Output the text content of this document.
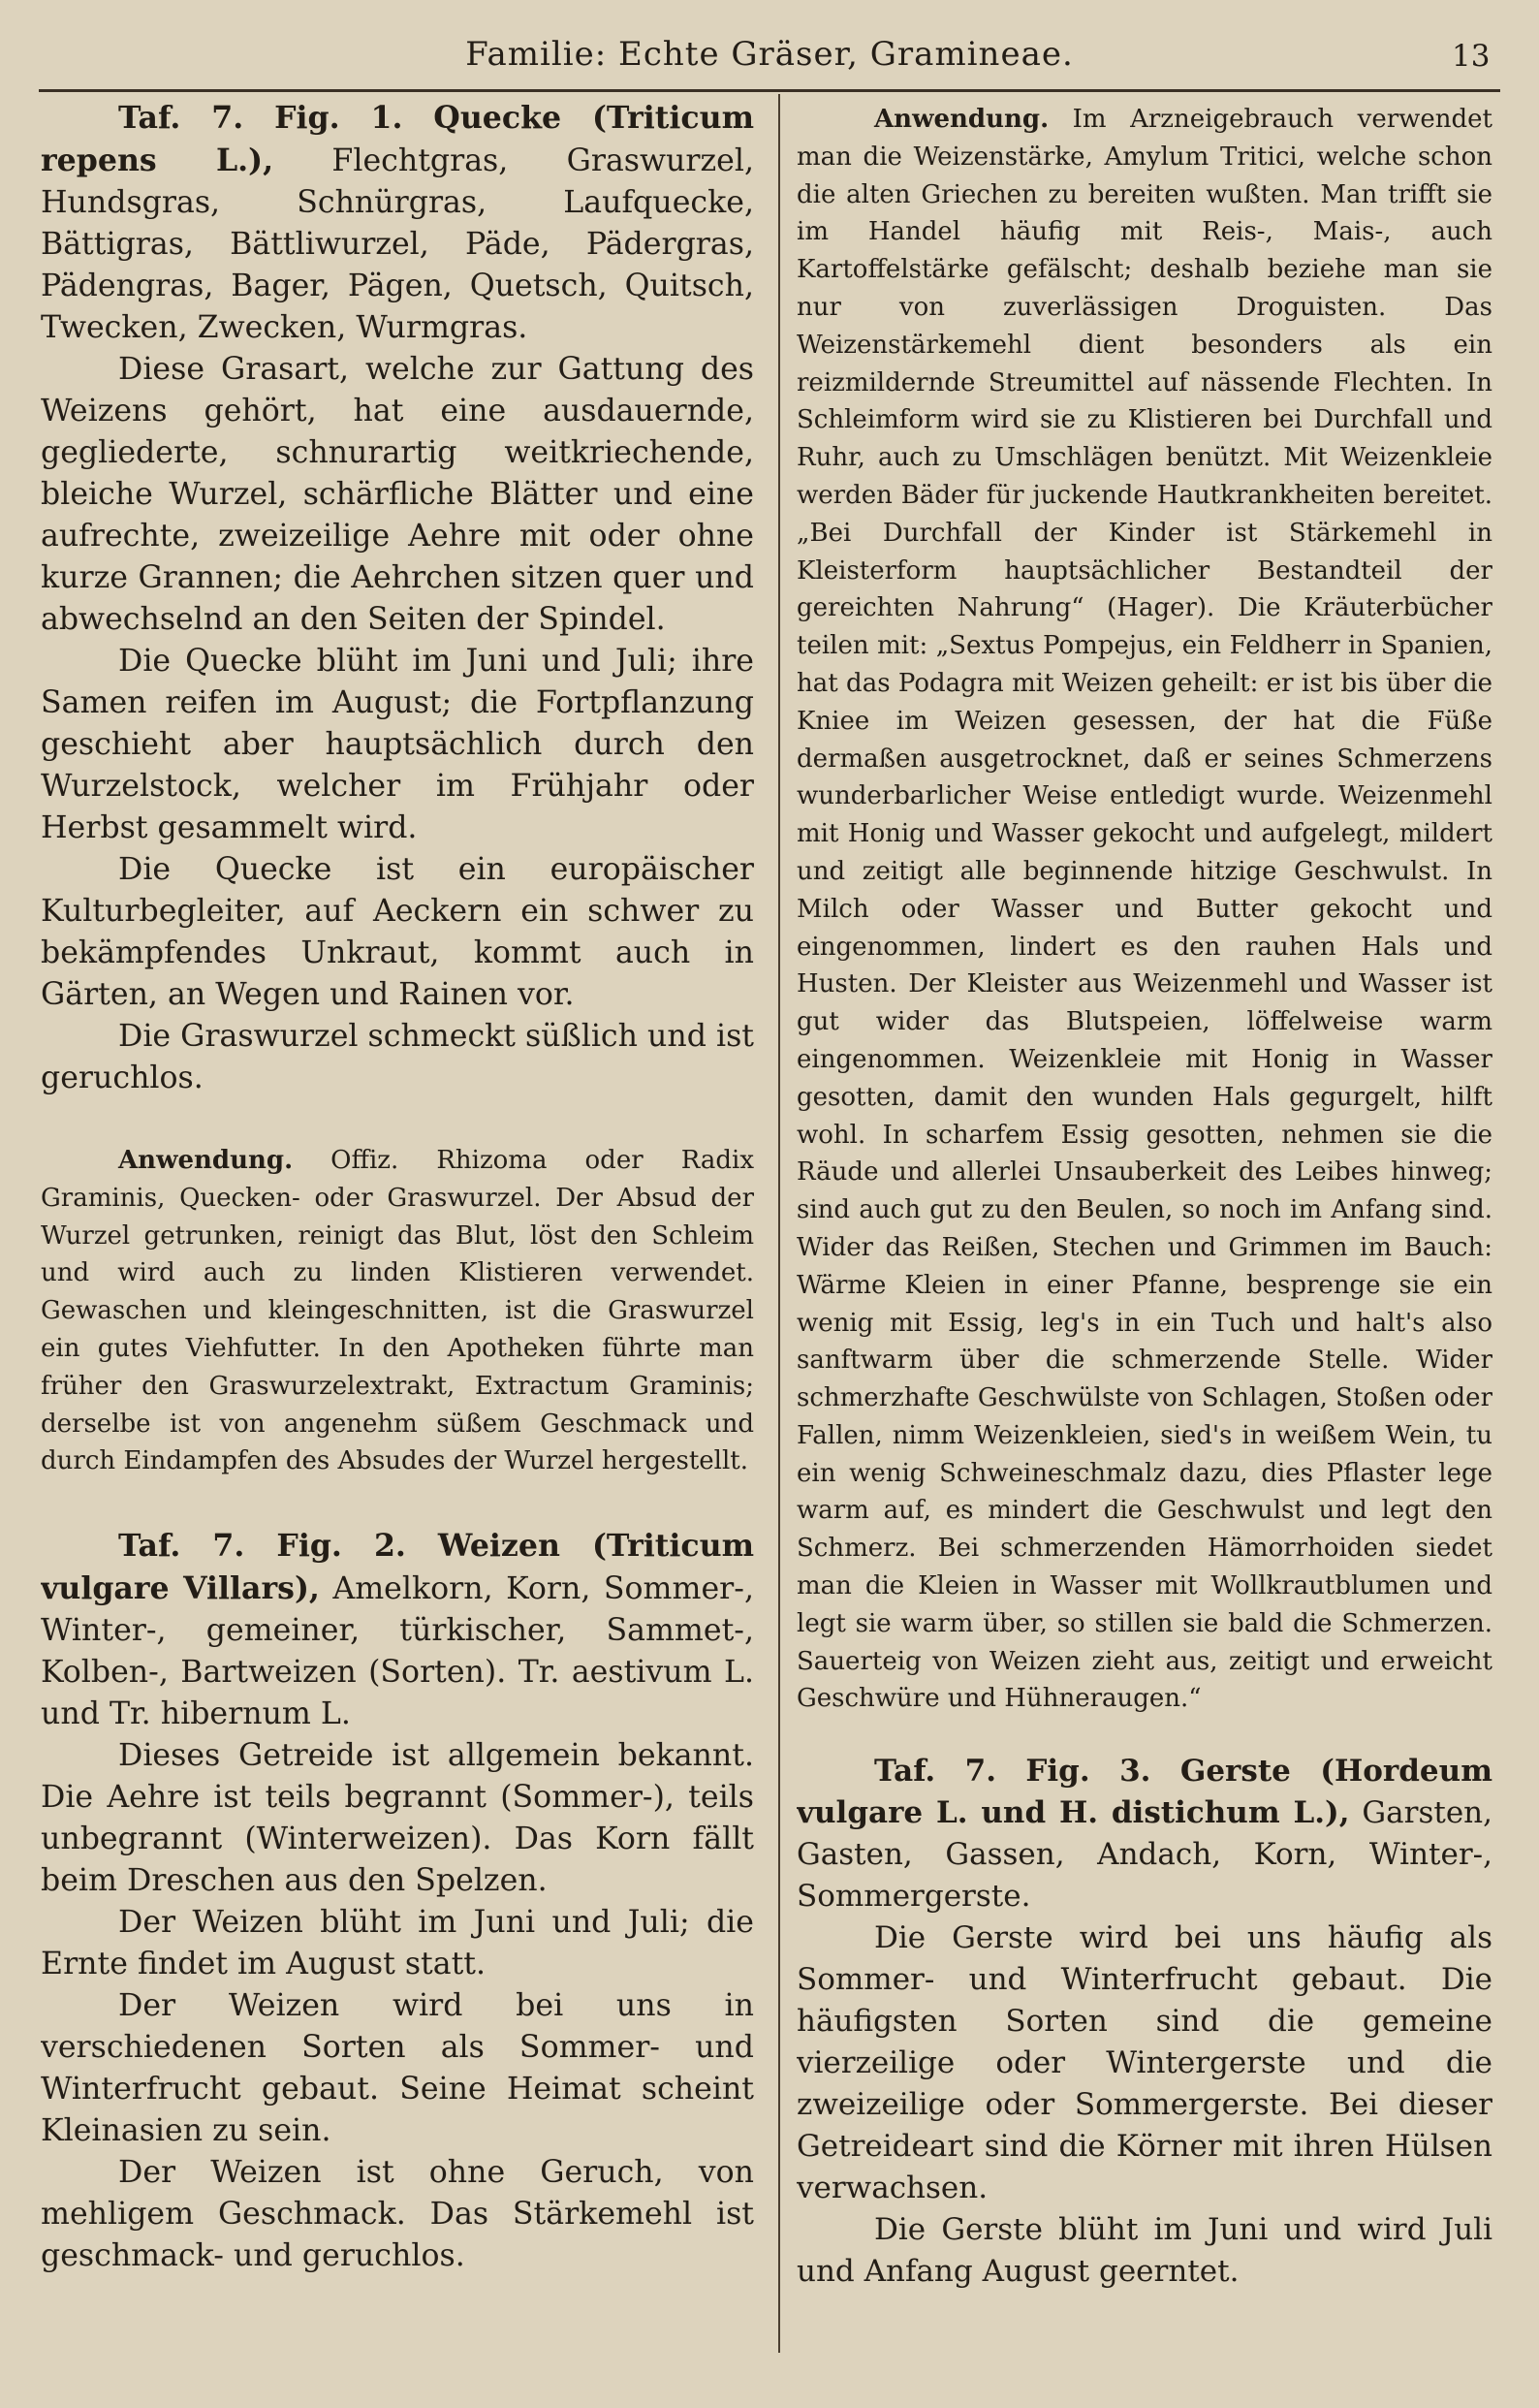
Familie: Echte Gräser, Gramineae.	13

Taf. 7. Fig. 1. Quecke (Triticum repens L.), Flechtgras, Graswurzel, Hundsgras, Schnürgras, Laufquecke, Bättigras, Bättliwurzel, Päde, Pädergras, Pädengras, Bager, Pägen, Quetsch, Quitsch, Twecken, Zwecken, Wurmgras.

Diese Grasart, welche zur Gattung des Weizens gehört, hat eine ausdauernde, gegliederte, schnurartig weitkriechende, bleiche Wurzel, schärfliche Blätter und eine aufrechte, zweizeilige Aehre mit oder ohne kurze Grannen; die Aehrchen sitzen quer und abwechselnd an den Seiten der Spindel.

Die Quecke blüht im Juni und Juli; ihre Samen reifen im August; die Fortpflanzung geschieht aber hauptsächlich durch den Wurzelstock, welcher im Frühjahr oder Herbst gesammelt wird.

Die Quecke ist ein europäischer Kulturbegleiter, auf Aeckern ein schwer zu bekämpfendes Unkraut, kommt auch in Gärten, an Wegen und Rainen vor.

Die Graswurzel schmeckt süßlich und ist geruchlos.

Anwendung. Offiz. Rhizoma oder Radix Graminis, Quecken- oder Graswurzel. Der Absud der Wurzel getrunken, reinigt das Blut, löst den Schleim und wird auch zu linden Klistieren verwendet. Gewaschen und kleingeschnitten, ist die Graswurzel ein gutes Viehfutter. In den Apotheken führte man früher den Graswurzelextrakt, Extractum Graminis; derselbe ist von angenehm süßem Geschmack und durch Eindampfen des Absudes der Wurzel hergestellt.

Taf. 7. Fig. 2. Weizen (Triticum vulgare Villars), Amelkorn, Korn, Sommer-, Winter-, gemeiner, türkischer, Sammet-, Kolben-, Bartweizen (Sorten). Tr. aestivum L. und Tr. hibernum L.

Dieses Getreide ist allgemein bekannt. Die Aehre ist teils begrannt (Sommer-), teils unbegrannt (Winterweizen). Das Korn fällt beim Dreschen aus den Spelzen.

Der Weizen blüht im Juni und Juli; die Ernte findet im August statt.

Der Weizen wird bei uns in verschiedenen Sorten als Sommer- und Winterfrucht gebaut. Seine Heimat scheint Kleinasien zu sein.

Der Weizen ist ohne Geruch, von mehligem Geschmack. Das Stärkemehl ist geschmack- und geruchlos.

Anwendung. Im Arzneigebrauch verwendet man die Weizenstärke, Amylum Tritici, welche schon die alten Griechen zu bereiten wußten. Man trifft sie im Handel häufig mit Reis-, Mais-, auch Kartoffelstärke gefälscht; deshalb beziehe man sie nur von zuverlässigen Droguisten. Das Weizenstärkemehl dient besonders als ein reizmildernde Streumittel auf nässende Flechten. In Schleimform wird sie zu Klistieren bei Durchfall und Ruhr, auch zu Umschlägen benützt. Mit Weizenkleie werden Bäder für juckende Hautkrankheiten bereitet. „Bei Durchfall der Kinder ist Stärkemehl in Kleisterform hauptsächlicher Bestandteil der gereichten Nahrung“ (Hager). Die Kräuterbücher teilen mit: „Sextus Pompejus, ein Feldherr in Spanien, hat das Podagra mit Weizen geheilt: er ist bis über die Kniee im Weizen gesessen, der hat die Füße dermaßen ausgetrocknet, daß er seines Schmerzens wunderbarlicher Weise entledigt wurde. Weizenmehl mit Honig und Wasser gekocht und aufgelegt, mildert und zeitigt alle beginnende hitzige Geschwulst. In Milch oder Wasser und Butter gekocht und eingenommen, lindert es den rauhen Hals und Husten. Der Kleister aus Weizenmehl und Wasser ist gut wider das Blutspeien, löffelweise warm eingenommen. Weizenkleie mit Honig in Wasser gesotten, damit den wunden Hals gegurgelt, hilft wohl. In scharfem Essig gesotten, nehmen sie die Räude und allerlei Unsauberkeit des Leibes hinweg; sind auch gut zu den Beulen, so noch im Anfang sind. Wider das Reißen, Stechen und Grimmen im Bauch: Wärme Kleien in einer Pfanne, besprenge sie ein wenig mit Essig, leg's in ein Tuch und halt's also sanftwarm über die schmerzende Stelle. Wider schmerzhafte Geschwülste von Schlagen, Stoßen oder Fallen, nimm Weizenkleien, sied's in weißem Wein, tu ein wenig Schweineschmalz dazu, dies Pflaster lege warm auf, es mindert die Geschwulst und legt den Schmerz. Bei schmerzenden Hämorrhoiden siedet man die Kleien in Wasser mit Wollkrautblumen und legt sie warm über, so stillen sie bald die Schmerzen. Sauerteig von Weizen zieht aus, zeitigt und erweicht Geschwüre und Hühneraugen.“

Taf. 7. Fig. 3. Gerste (Hordeum vulgare L. und H. distichum L.), Garsten, Gasten, Gassen, Andach, Korn, Winter-, Sommergerste.

Die Gerste wird bei uns häufig als Sommer- und Winterfrucht gebaut. Die häufigsten Sorten sind die gemeine vierzeilige oder Wintergerste und die zweizeilige oder Sommergerste. Bei dieser Getreideart sind die Körner mit ihren Hülsen verwachsen.

Die Gerste blüht im Juni und wird Juli und Anfang August geerntet.
